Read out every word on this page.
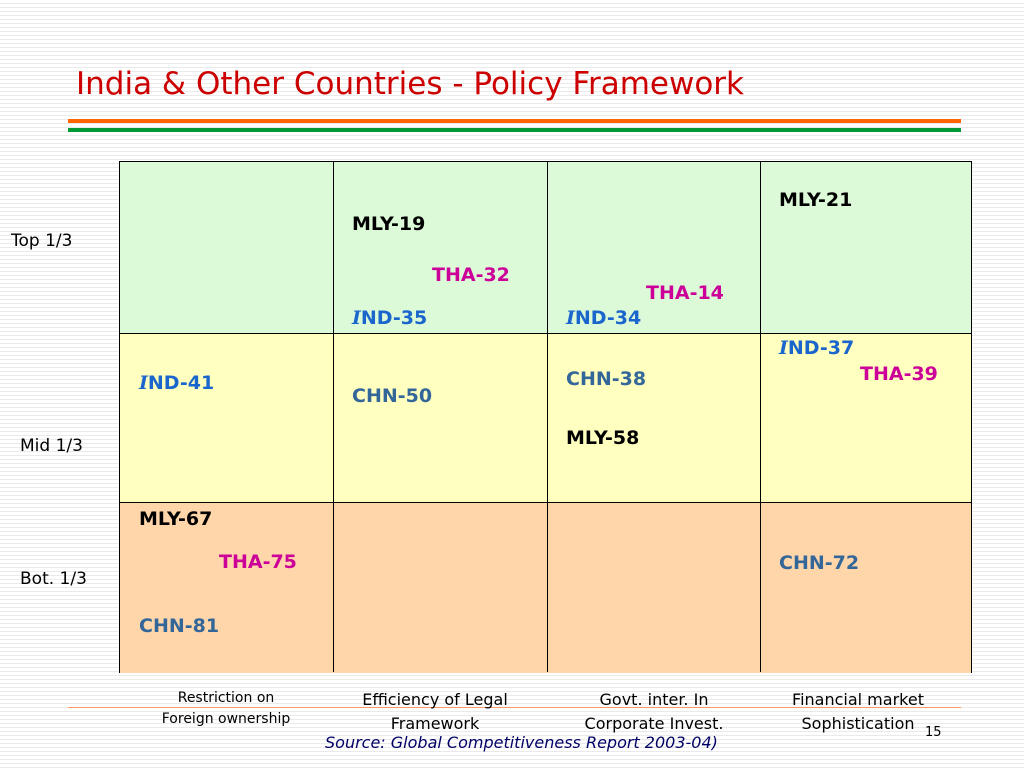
India & Other Countries - Policy Framework
Top 1/3
Mid 1/3
Bot. 1/3
IND-41
MLY-67
THA-75
CHN-81
MLY-19
THA-32
IND-35
CHN-50
THA-14
IND-34
CHN-38
MLY-58
MLY-21
IND-37
THA-39
CHN-72
Restriction on
Foreign ownership
Efficiency of Legal
Framework
Govt. inter. In
Corporate Invest.
Financial market
Sophistication
Source: Global Competitiveness Report 2003-04)
15
